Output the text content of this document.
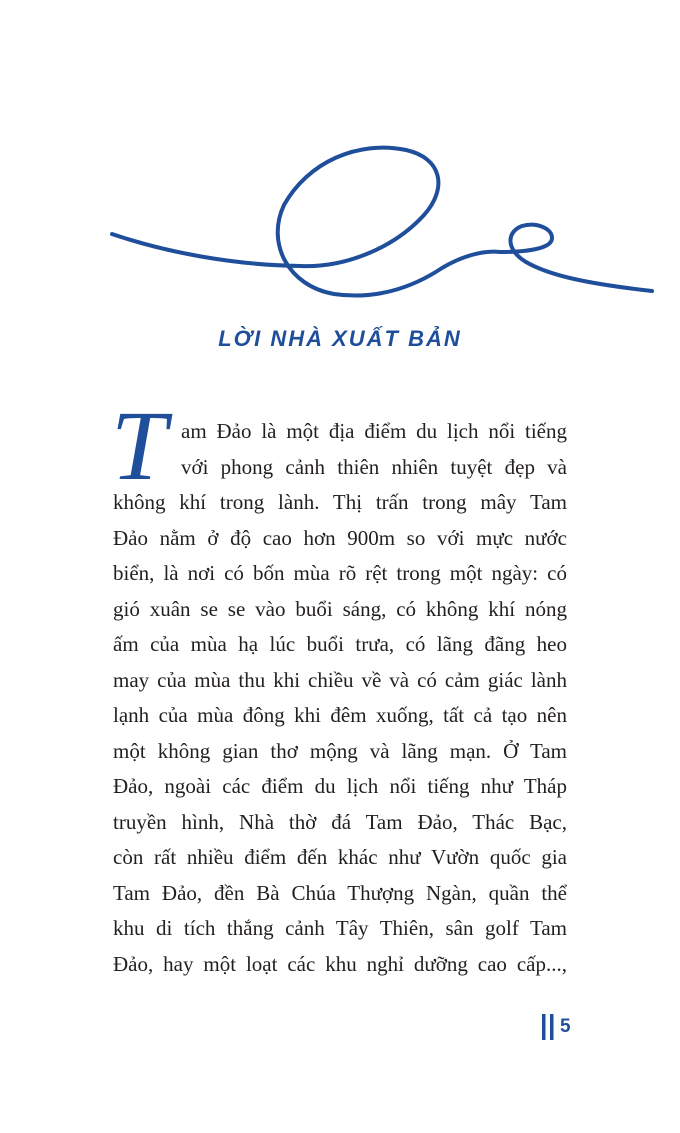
LỜI NHÀ XUẤT BẢN
T am Đảo là một địa điểm du lịch nổi tiếng
với phong cảnh thiên nhiên tuyệt đẹp và
không khí trong lành. Thị trấn trong mây Tam
Đảo nằm ở độ cao hơn 900m so với mực nước
biển, là nơi có bốn mùa rõ rệt trong một ngày: có
gió xuân se se vào buổi sáng, có không khí nóng
ấm của mùa hạ lúc buổi trưa, có lãng đãng heo
may của mùa thu khi chiều về và có cảm giác lành
lạnh của mùa đông khi đêm xuống, tất cả tạo nên
một không gian thơ mộng và lãng mạn. Ở Tam
Đảo, ngoài các điểm du lịch nổi tiếng như Tháp
truyền hình, Nhà thờ đá Tam Đảo, Thác Bạc,
còn rất nhiều điểm đến khác như Vườn quốc gia
Tam Đảo, đền Bà Chúa Thượng Ngàn, quần thể
khu di tích thắng cảnh Tây Thiên, sân golf Tam
Đảo, hay một loạt các khu nghỉ dưỡng cao cấp...,
5
